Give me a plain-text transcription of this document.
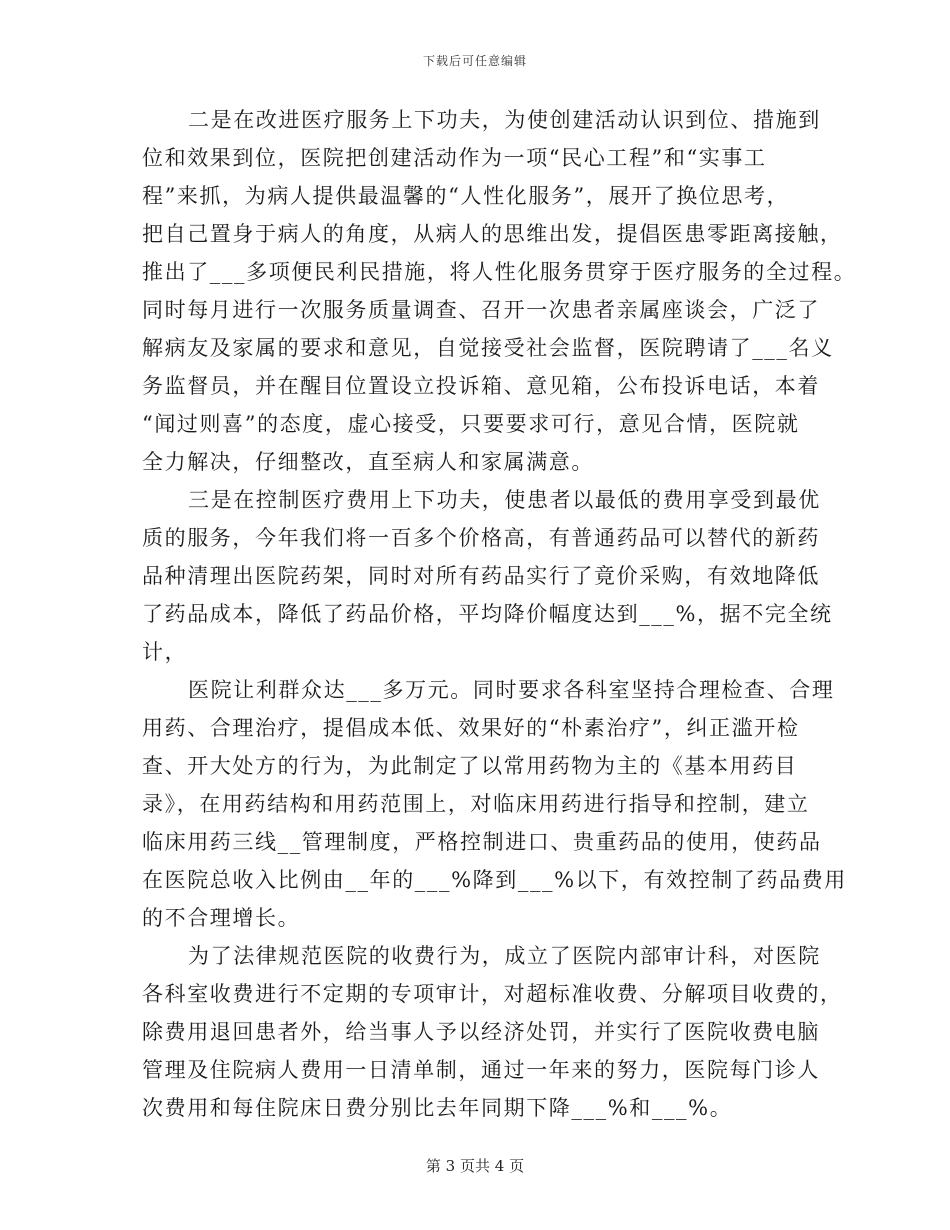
下载后可任意编辑
二是在改进医疗服务上下功夫，为使创建活动认识到位、措施到
位和效果到位，医院把创建活动作为一项“民心工程”和“实事工
程”来抓，为病人提供最温馨的“人性化服务”，展开了换位思考，
把自己置身于病人的角度，从病人的思维出发，提倡医患零距离接触，
推出了___多项便民利民措施，将人性化服务贯穿于医疗服务的全过程。
同时每月进行一次服务质量调查、召开一次患者亲属座谈会，广泛了
解病友及家属的要求和意见，自觉接受社会监督，医院聘请了___名义
务监督员，并在醒目位置设立投诉箱、意见箱，公布投诉电话，本着
“闻过则喜”的态度，虚心接受，只要要求可行，意见合情，医院就
全力解决，仔细整改，直至病人和家属满意。
三是在控制医疗费用上下功夫，使患者以最低的费用享受到最优
质的服务，今年我们将一百多个价格高，有普通药品可以替代的新药
品种清理出医院药架，同时对所有药品实行了竟价采购，有效地降低
了药品成本，降低了药品价格，平均降价幅度达到___%，据不完全统
计，
医院让利群众达___多万元。同时要求各科室坚持合理检查、合理
用药、合理治疗，提倡成本低、效果好的“朴素治疗”，纠正滥开检
查、开大处方的行为，为此制定了以常用药物为主的《基本用药目
录》，在用药结构和用药范围上，对临床用药进行指导和控制，建立
临床用药三线__管理制度，严格控制进口、贵重药品的使用，使药品
在医院总收入比例由__年的___%降到___%以下，有效控制了药品费用
的不合理增长。
为了法律规范医院的收费行为，成立了医院内部审计科，对医院
各科室收费进行不定期的专项审计，对超标准收费、分解项目收费的，
除费用退回患者外，给当事人予以经济处罚，并实行了医院收费电脑
管理及住院病人费用一日清单制，通过一年来的努力，医院每门诊人
次费用和每住院床日费分别比去年同期下降___%和___%。
第 3 页共 4 页
